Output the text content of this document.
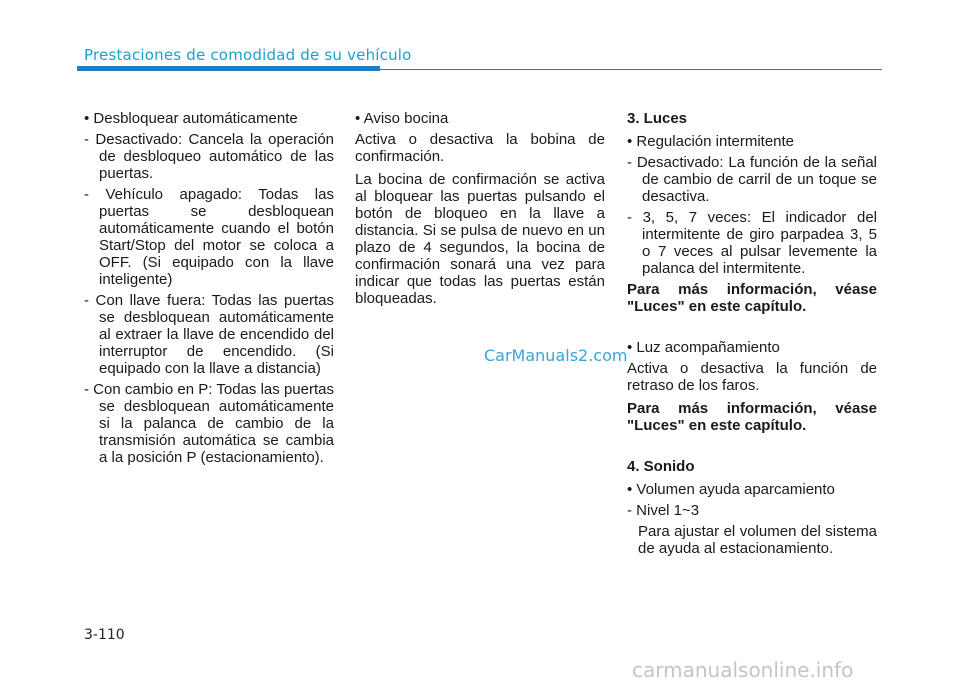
Prestaciones de comodidad de su vehículo

• Desbloquear automáticamente

- Desactivado: Cancela la operación de desbloqueo automático de las puertas.

- Vehículo apagado: Todas las puertas se desbloquean automáticamente cuando el botón Start/Stop del motor se coloca a OFF. (Si equipado con la llave inteligente)

- Con llave fuera: Todas las puertas se desbloquean automáticamente al extraer la llave de encendido del interruptor de encendido. (Si equipado con la llave a distancia)

- Con cambio en P: Todas las puertas se desbloquean automáticamente si la palanca de cambio de la transmisión automática se cambia a la posición P (estacionamiento).

• Aviso bocina

Activa o desactiva la bobina de confirmación.

La bocina de confirmación se activa al bloquear las puertas pulsando el botón de bloqueo en la llave a distancia. Si se pulsa de nuevo en un plazo de 4 segundos, la bocina de confirmación sonará una vez para indicar que todas las puertas están bloqueadas.

3. Luces

• Regulación intermitente

- Desactivado: La función de la señal de cambio de carril de un toque se desactiva.

- 3, 5, 7 veces: El indicador del intermitente de giro parpadea 3, 5 o 7 veces al pulsar levemente la palanca del intermitente.

Para más información, véase "Luces" en este capítulo.

• Luz acompañamiento

Activa o desactiva la función de retraso de los faros.

Para más información, véase "Luces" en este capítulo.

4. Sonido

• Volumen ayuda aparcamiento

- Nivel 1~3

Para ajustar el volumen del sistema de ayuda al estacionamiento.

CarManuals2.com
3-110
carmanualsonline.info
